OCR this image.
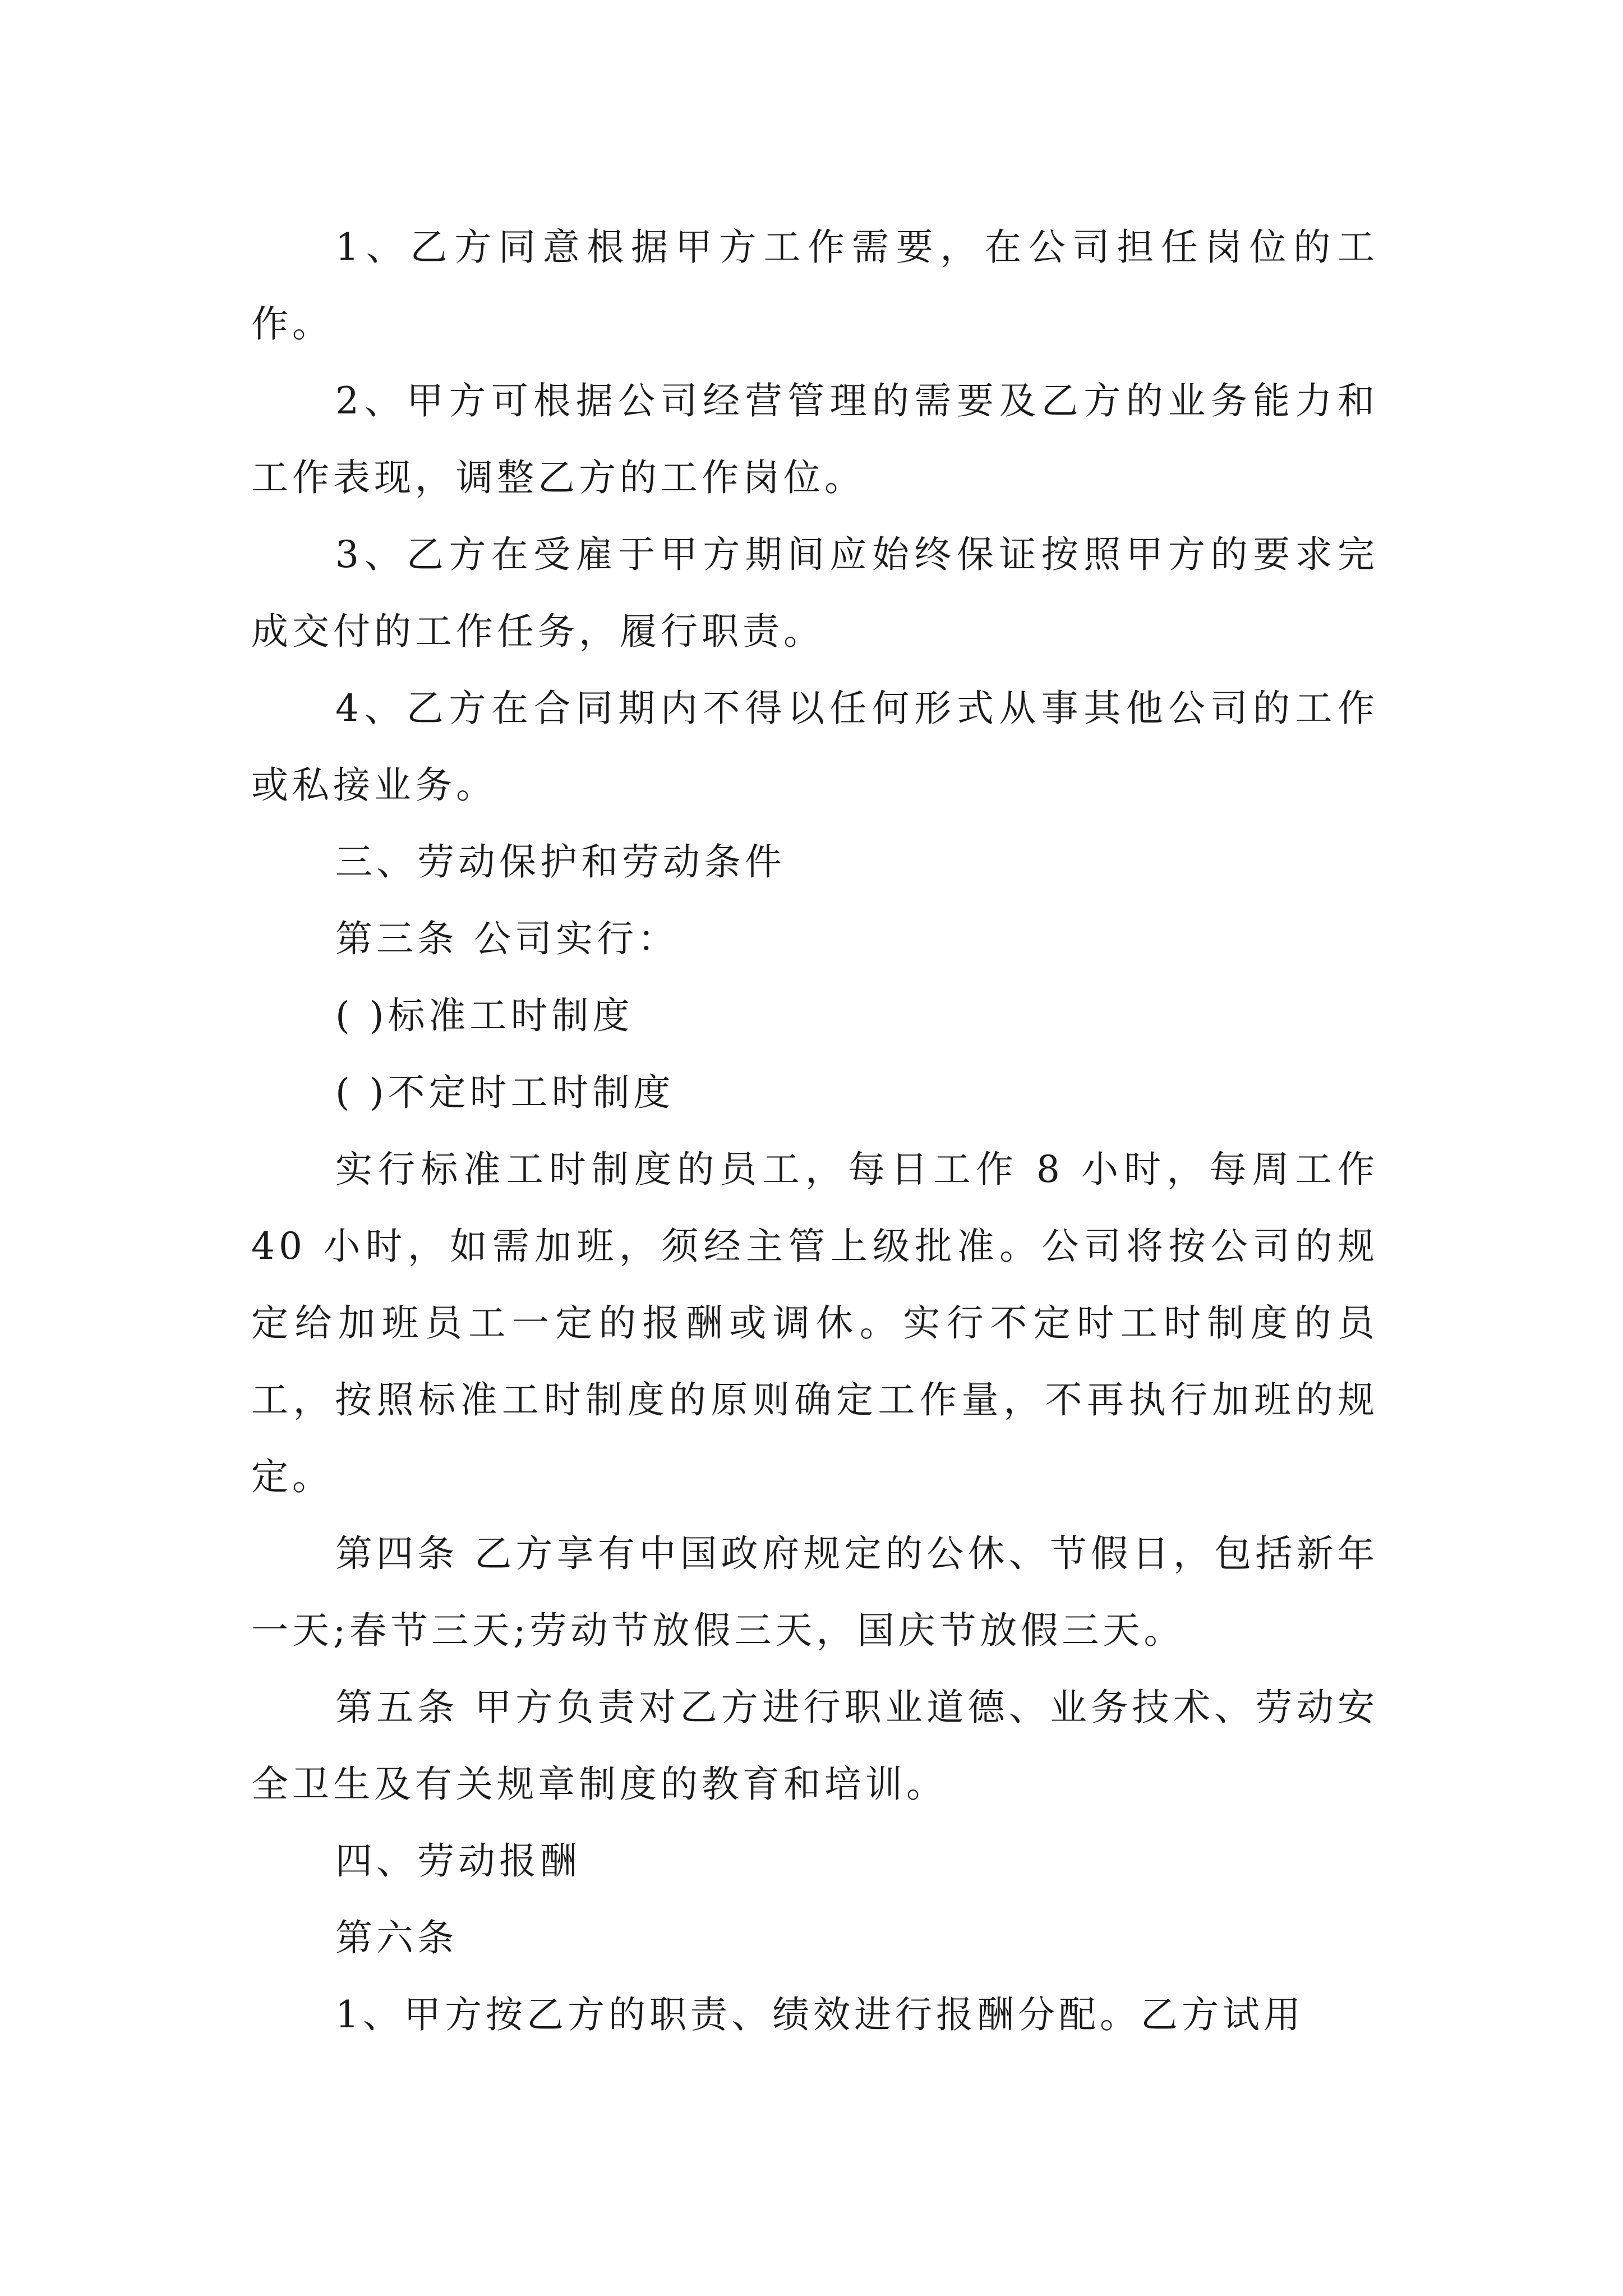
1、乙方同意根据甲方工作需要，在公司担任岗位的工作。

2、甲方可根据公司经营管理的需要及乙方的业务能力和工作表现，调整乙方的工作岗位。

3、乙方在受雇于甲方期间应始终保证按照甲方的要求完成交付的工作任务，履行职责。

4、乙方在合同期内不得以任何形式从事其他公司的工作或私接业务。

三、劳动保护和劳动条件

第三条 公司实行：

( )标准工时制度

( )不定时工时制度

实行标准工时制度的员工，每日工作 8 小时，每周工作 40 小时，如需加班，须经主管上级批准。公司将按公司的规定给加班员工一定的报酬或调休。实行不定时工时制度的员工，按照标准工时制度的原则确定工作量，不再执行加班的规定。

第四条 乙方享有中国政府规定的公休、节假日，包括新年一天;春节三天;劳动节放假三天，国庆节放假三天。

第五条 甲方负责对乙方进行职业道德、业务技术、劳动安全卫生及有关规章制度的教育和培训。

四、劳动报酬

第六条

1、甲方按乙方的职责、绩效进行报酬分配。乙方试用
